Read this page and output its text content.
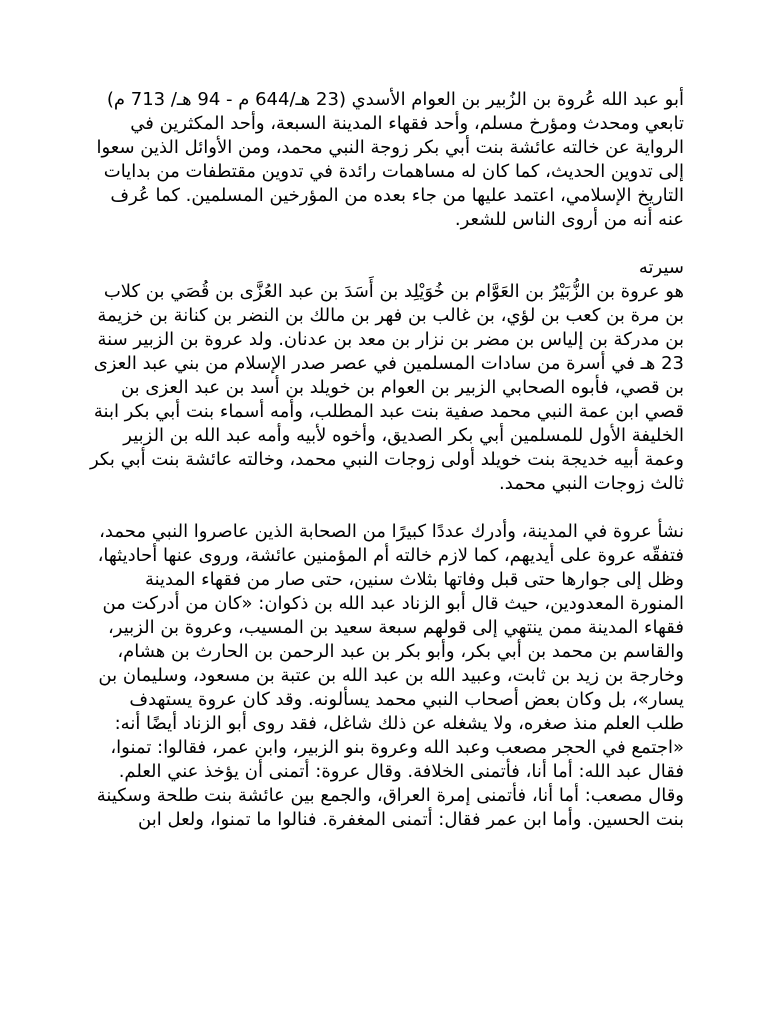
أبو عبد الله عُروة بن الزُبير بن العوام الأسدي (23 هـ/644 م - 94 هـ/ 713 م) تابعي ومحدث ومؤرخ مسلم، وأحد فقهاء المدينة السبعة، وأحد المكثرين في الرواية عن خالته عائشة بنت أبي بكر زوجة النبي محمد، ومن الأوائل الذين سعوا إلى تدوين الحديث، كما كان له مساهمات رائدة في تدوين مقتطفات من بدايات التاريخ الإسلامي، اعتمد عليها من جاء بعده من المؤرخين المسلمين. كما عُرف عنه أنه من أروى الناس للشعر.

سيرته

هو عروة بن الزُّبَيْرُ بن العَوَّام بن خُوَيْلِد بن أَسَدَ بن عبد العُزَّى بن قُصَي بن كلاب بن مرة بن كعب بن لؤي، بن غالب بن فهر بن مالك بن النضر بن كنانة بن خزيمة بن مدركة بن إلياس بن مضر بن نزار بن معد بن عدنان. ولد عروة بن الزبير سنة 23 هـ في أسرة من سادات المسلمين في عصر صدر الإسلام من بني عبد العزى بن قصي، فأبوه الصحابي الزبير بن العوام بن خويلد بن أسد بن عبد العزى بن قصي ابن عمة النبي محمد صفية بنت عبد المطلب، وأمه أسماء بنت أبي بكر ابنة الخليفة الأول للمسلمين أبي بكر الصديق، وأخوه لأبيه وأمه عبد الله بن الزبير وعمة أبيه خديجة بنت خويلد أولى زوجات النبي محمد، وخالته عائشة بنت أبي بكر ثالث زوجات النبي محمد.

نشأ عروة في المدينة، وأدرك عددًا كبيرًا من الصحابة الذين عاصروا النبي محمد، فتفقّه عروة على أيديهم، كما لازم خالته أم المؤمنين عائشة، وروى عنها أحاديثها، وظل إلى جوارها حتى قبل وفاتها بثلاث سنين، حتى صار من فقهاء المدينة المنورة المعدودين، حيث قال أبو الزناد عبد الله بن ذكوان: «كان من أدركت من فقهاء المدينة ممن ينتهي إلى قولهم سبعة سعيد بن المسيب، وعروة بن الزبير، والقاسم بن محمد بن أبي بكر، وأبو بكر بن عبد الرحمن بن الحارث بن هشام، وخارجة بن زيد بن ثابت، وعبيد الله بن عبد الله بن عتبة بن مسعود، وسليمان بن يسار»، بل وكان بعض أصحاب النبي محمد يسألونه. وقد كان عروة يستهدف طلب العلم منذ صغره، ولا يشغله عن ذلك شاغل، فقد روى أبو الزناد أيضًا أنه: «اجتمع في الحجر مصعب وعبد الله وعروة بنو الزبير، وابن عمر، فقالوا: تمنوا، فقال عبد الله: أما أنا، فأتمنى الخلافة. وقال عروة: أتمنى أن يؤخذ عني العلم. وقال مصعب: أما أنا، فأتمنى إمرة العراق، والجمع بين عائشة بنت طلحة وسكينة بنت الحسين. وأما ابن عمر فقال: أتمنى المغفرة. فنالوا ما تمنوا، ولعل ابن
